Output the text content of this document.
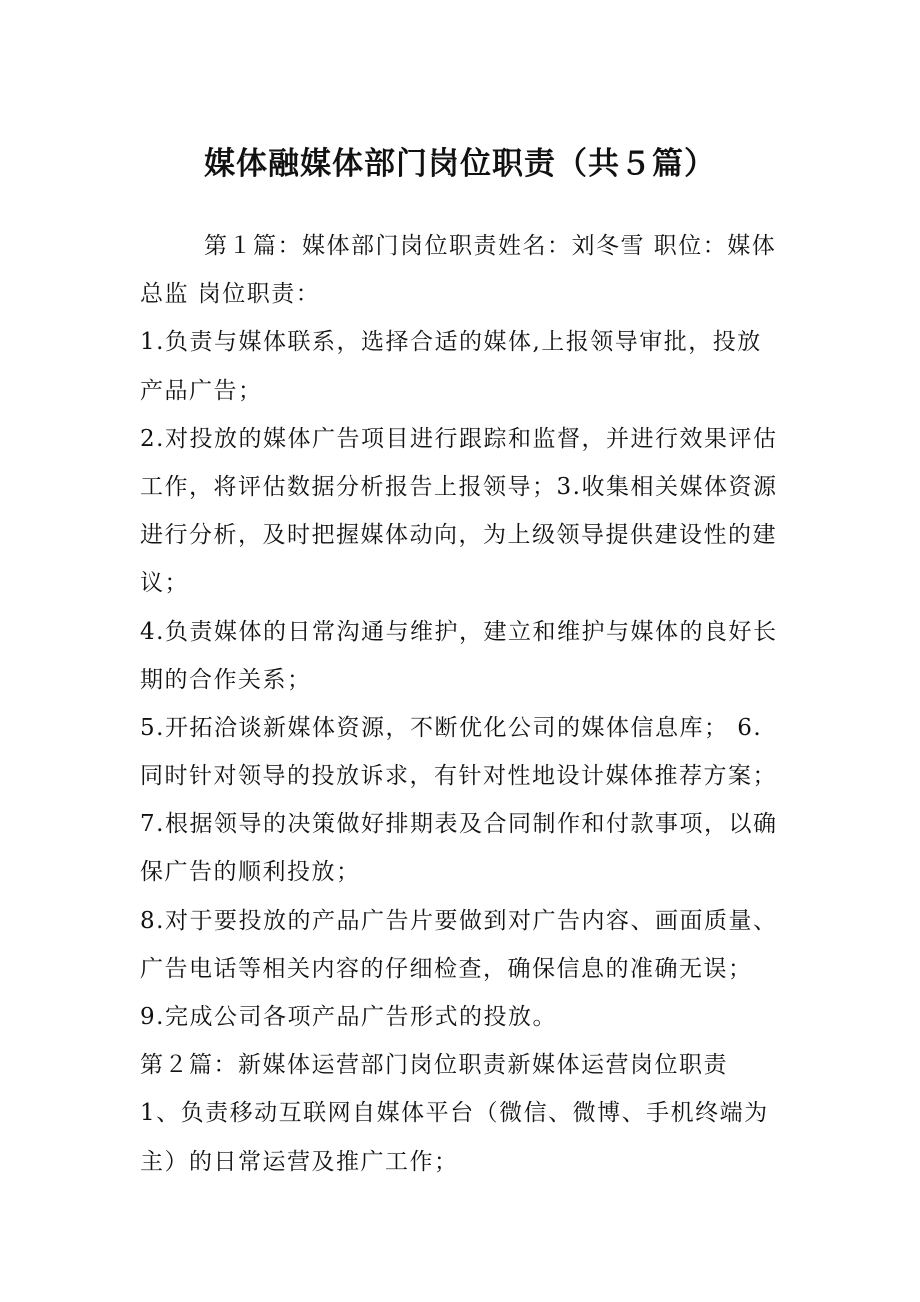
媒体融媒体部门岗位职责（共５篇）
第１篇：媒体部门岗位职责姓名：刘冬雪 职位：媒体
总监 岗位职责：
1.负责与媒体联系，选择合适的媒体,上报领导审批，投放
产品广告；
2.对投放的媒体广告项目进行跟踪和监督，并进行效果评估
工作，将评估数据分析报告上报领导；3.收集相关媒体资源
进行分析，及时把握媒体动向，为上级领导提供建设性的建
议；
4.负责媒体的日常沟通与维护，建立和维护与媒体的良好长
期的合作关系；
5.开拓洽谈新媒体资源，不断优化公司的媒体信息库； 6.
同时针对领导的投放诉求，有针对性地设计媒体推荐方案；
7.根据领导的决策做好排期表及合同制作和付款事项，以确
保广告的顺利投放；
8.对于要投放的产品广告片要做到对广告内容、画面质量、
广告电话等相关内容的仔细检查，确保信息的准确无误；
9.完成公司各项产品广告形式的投放。
第２篇：新媒体运营部门岗位职责新媒体运营岗位职责
1、负责移动互联网自媒体平台（微信、微博、手机终端为
主）的日常运营及推广工作；
